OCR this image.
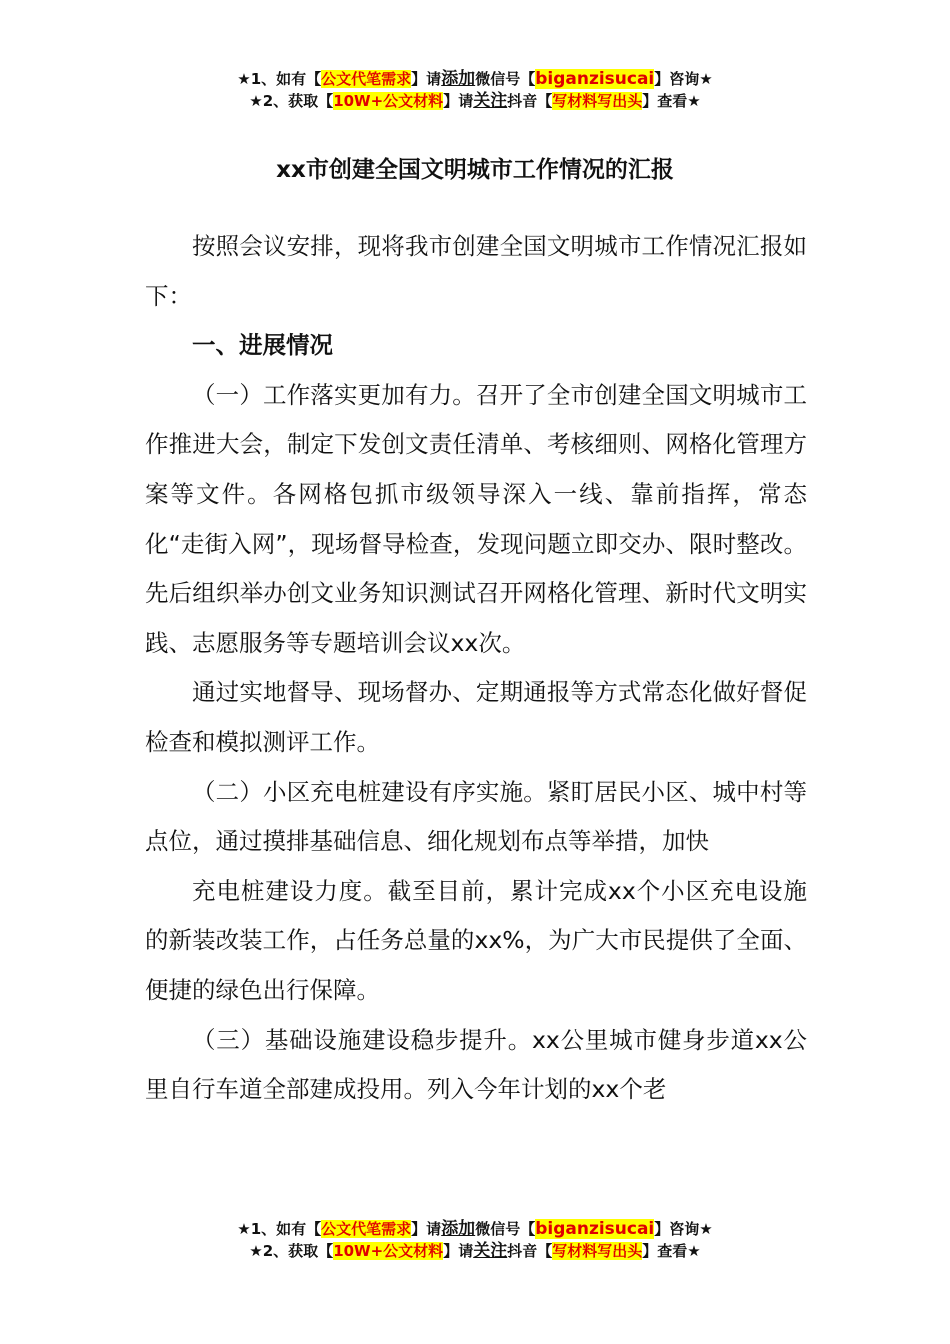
★1、如有【公文代笔需求】请添加微信号【biganzisucai】咨询★
★2、获取【10W+公文材料】请关注抖音【写材料写出头】查看★
xx市创建全国文明城市工作情况的汇报

按照会议安排，现将我市创建全国文明城市工作情况汇报如下：

一、进展情况

（一）工作落实更加有力。召开了全市创建全国文明城市工作推进大会，制定下发创文责任清单、考核细则、网格化管理方案等文件。各网格包抓市级领导深入一线、靠前指挥，常态化“走街入网”，现场督导检查，发现问题立即交办、限时整改。先后组织举办创文业务知识测试召开网格化管理、新时代文明实践、志愿服务等专题培训会议xx次。

通过实地督导、现场督办、定期通报等方式常态化做好督促检查和模拟测评工作。

（二）小区充电桩建设有序实施。紧盯居民小区、城中村等点位，通过摸排基础信息、细化规划布点等举措，加快

充电桩建设力度。截至目前，累计完成xx个小区充电设施的新装改装工作，占任务总量的xx%，为广大市民提供了全面、便捷的绿色出行保障。

（三）基础设施建设稳步提升。xx公里城市健身步道xx公里自行车道全部建成投用。列入今年计划的xx个老

★1、如有【公文代笔需求】请添加微信号【biganzisucai】咨询★
★2、获取【10W+公文材料】请关注抖音【写材料写出头】查看★
